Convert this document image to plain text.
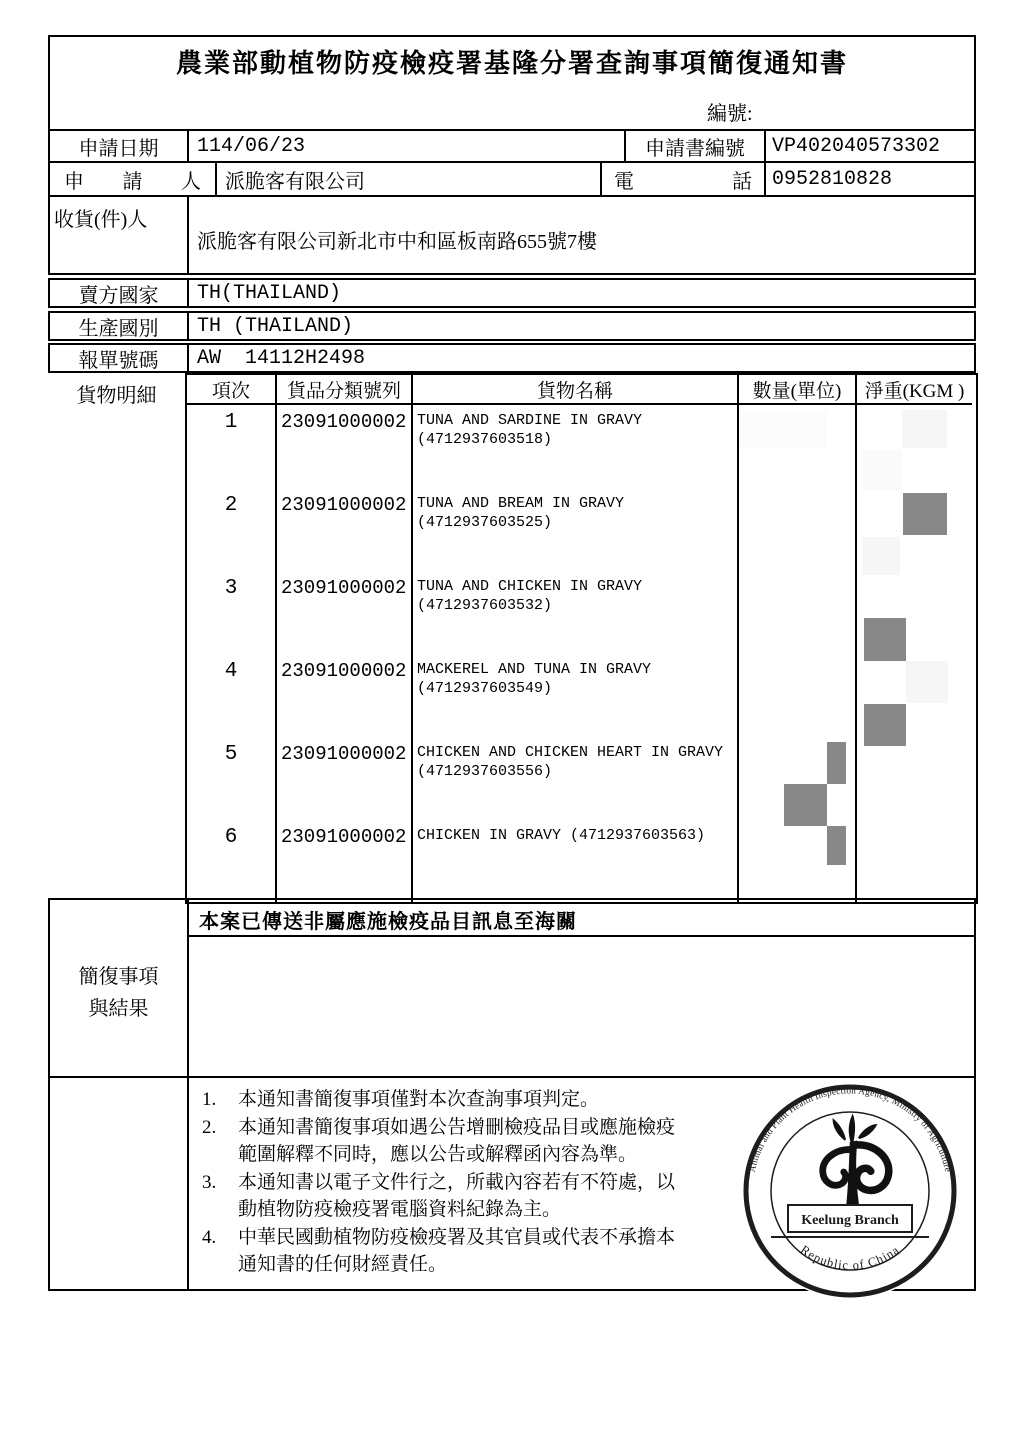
農業部動植物防疫檢疫署基隆分署查詢事項簡復通知書
編號:
申請日期	114/06/23	申請書編號	VP402040573302
申 請 人	派脆客有限公司	電	話	0952810828
收貨(件)人
派脆客有限公司新北市中和區板南路655號7樓
賣方國家	TH(THAILAND)
生產國別	TH (THAILAND)
報單號碼	AW  14112H2498
貨物明細	項次	貨品分類號列	貨物名稱	數量(單位)	淨重(KGM )
1	23091000002 TUNA AND SARDINE IN GRAVY
(4712937603518)
2	23091000002 TUNA AND BREAM IN GRAVY
(4712937603525)
3	23091000002 TUNA AND CHICKEN IN GRAVY
(4712937603532)
4	23091000002 MACKEREL AND TUNA IN GRAVY
(4712937603549)
5	23091000002 CHICKEN AND CHICKEN HEART IN GRAVY
(4712937603556)
6	23091000002 CHICKEN IN GRAVY (4712937603563)
本案已傳送非屬應施檢疫品目訊息至海關
簡復事項
與結果
1.	本通知書簡復事項僅對本次查詢事項判定。
2.	本通知書簡復事項如遇公告增刪檢疫品目或應施檢疫範圍解釋不同時，應以公告或解釋函內容為準。
3.	本通知書以電子文件行之，所載內容若有不符處，以動植物防疫檢疫署電腦資料紀錄為主。
4.	中華民國動植物防疫檢疫署及其官員或代表不承擔本通知書的任何財經責任。
Animal and Plant Health Inspection Agency, Ministry of Agriculture
Republic of China
Keelung Branch
